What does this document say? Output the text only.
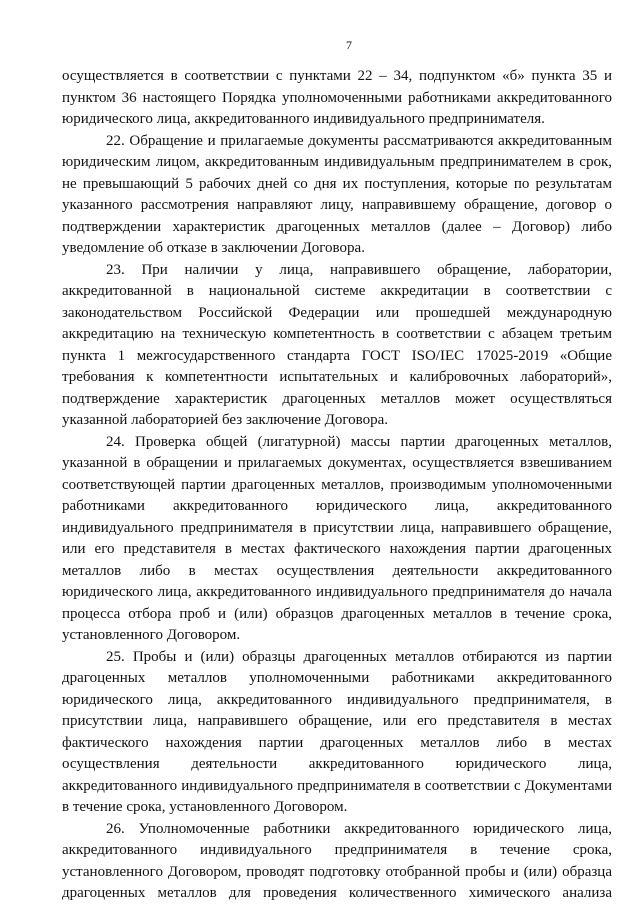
7

осуществляется в соответствии с пунктами 22 – 34, подпунктом «б» пункта 35 и пунктом 36 настоящего Порядка уполномоченными работниками аккредитованного юридического лица, аккредитованного индивидуального предпринимателя.

22. Обращение и прилагаемые документы рассматриваются аккредитованным юридическим лицом, аккредитованным индивидуальным предпринимателем в срок, не превышающий 5 рабочих дней со дня их поступления, которые по результатам указанного рассмотрения направляют лицу, направившему обращение, договор о подтверждении характеристик драгоценных металлов (далее – Договор) либо уведомление об отказе в заключении Договора.

23. При наличии у лица, направившего обращение, лаборатории, аккредитованной в национальной системе аккредитации в соответствии с законодательством Российской Федерации или прошедшей международную аккредитацию на техническую компетентность в соответствии с абзацем третьим пункта 1 межгосударственного стандарта ГОСТ ISO/IEC 17025-2019 «Общие требования к компетентности испытательных и калибровочных лабораторий», подтверждение характеристик драгоценных металлов может осуществляться указанной лабораторией без заключение Договора.

24. Проверка общей (лигатурной) массы партии драгоценных металлов, указанной в обращении и прилагаемых документах, осуществляется взвешиванием соответствующей партии драгоценных металлов, производимым уполномоченными работниками аккредитованного юридического лица, аккредитованного индивидуального предпринимателя в присутствии лица, направившего обращение, или его представителя в местах фактического нахождения партии драгоценных металлов либо в местах осуществления деятельности аккредитованного юридического лица, аккредитованного индивидуального предпринимателя до начала процесса отбора проб и (или) образцов драгоценных металлов в течение срока, установленного Договором.

25. Пробы и (или) образцы драгоценных металлов отбираются из партии драгоценных металлов уполномоченными работниками аккредитованного юридического лица, аккредитованного индивидуального предпринимателя, в присутствии лица, направившего обращение, или его представителя в местах фактического нахождения партии драгоценных металлов либо в местах осуществления деятельности аккредитованного юридического лица, аккредитованного индивидуального предпринимателя в соответствии с Документами в течение срока, установленного Договором.

26. Уполномоченные работники аккредитованного юридического лица, аккредитованного индивидуального предпринимателя в течение срока, установленного Договором, проводят подготовку отобранной пробы и (или) образца драгоценных металлов для проведения количественного химического анализа
